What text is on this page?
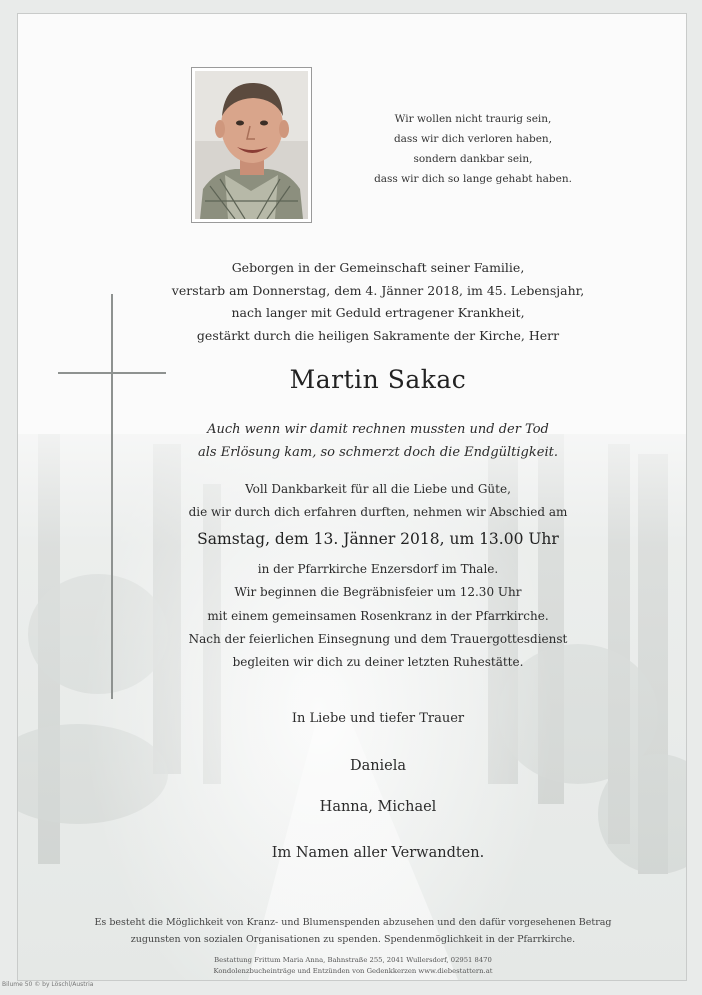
Wir wollen nicht traurig sein,
dass wir dich verloren haben,
sondern dankbar sein,
dass wir dich so lange gehabt haben.
Geborgen in der Gemeinschaft seiner Familie,
verstarb am Donnerstag, dem 4. Jänner 2018, im 45. Lebensjahr,
nach langer mit Geduld ertragener Krankheit,
gestärkt durch die heiligen Sakramente der Kirche, Herr
Martin Sakac
Auch wenn wir damit rechnen mussten und der Tod
als Erlösung kam, so schmerzt doch die Endgültigkeit.
Voll Dankbarkeit für all die Liebe und Güte,
die wir durch dich erfahren durften, nehmen wir Abschied am
Samstag, dem 13. Jänner 2018, um 13.00 Uhr
in der Pfarrkirche Enzersdorf im Thale.
Wir beginnen die Begräbnisfeier um 12.30 Uhr
mit einem gemeinsamen Rosenkranz in der Pfarrkirche.
Nach der feierlichen Einsegnung und dem Trauergottesdienst
begleiten wir dich zu deiner letzten Ruhestätte.
In Liebe und tiefer Trauer
Daniela
Hanna, Michael
Im Namen aller Verwandten.
Es besteht die Möglichkeit von Kranz- und Blumenspenden abzusehen und den dafür vorgesehenen Betrag
zugunsten von sozialen Organisationen zu spenden. Spendenmöglichkeit in der Pfarrkirche.
Bestattung Frittum Maria Anna, Bahnstraße 255, 2041 Wullersdorf, 02951 8470
Kondolenzbucheinträge und Entzünden von Gedenkkerzen www.diebestattern.at
Bilume 50 © by Löschl/Austria
